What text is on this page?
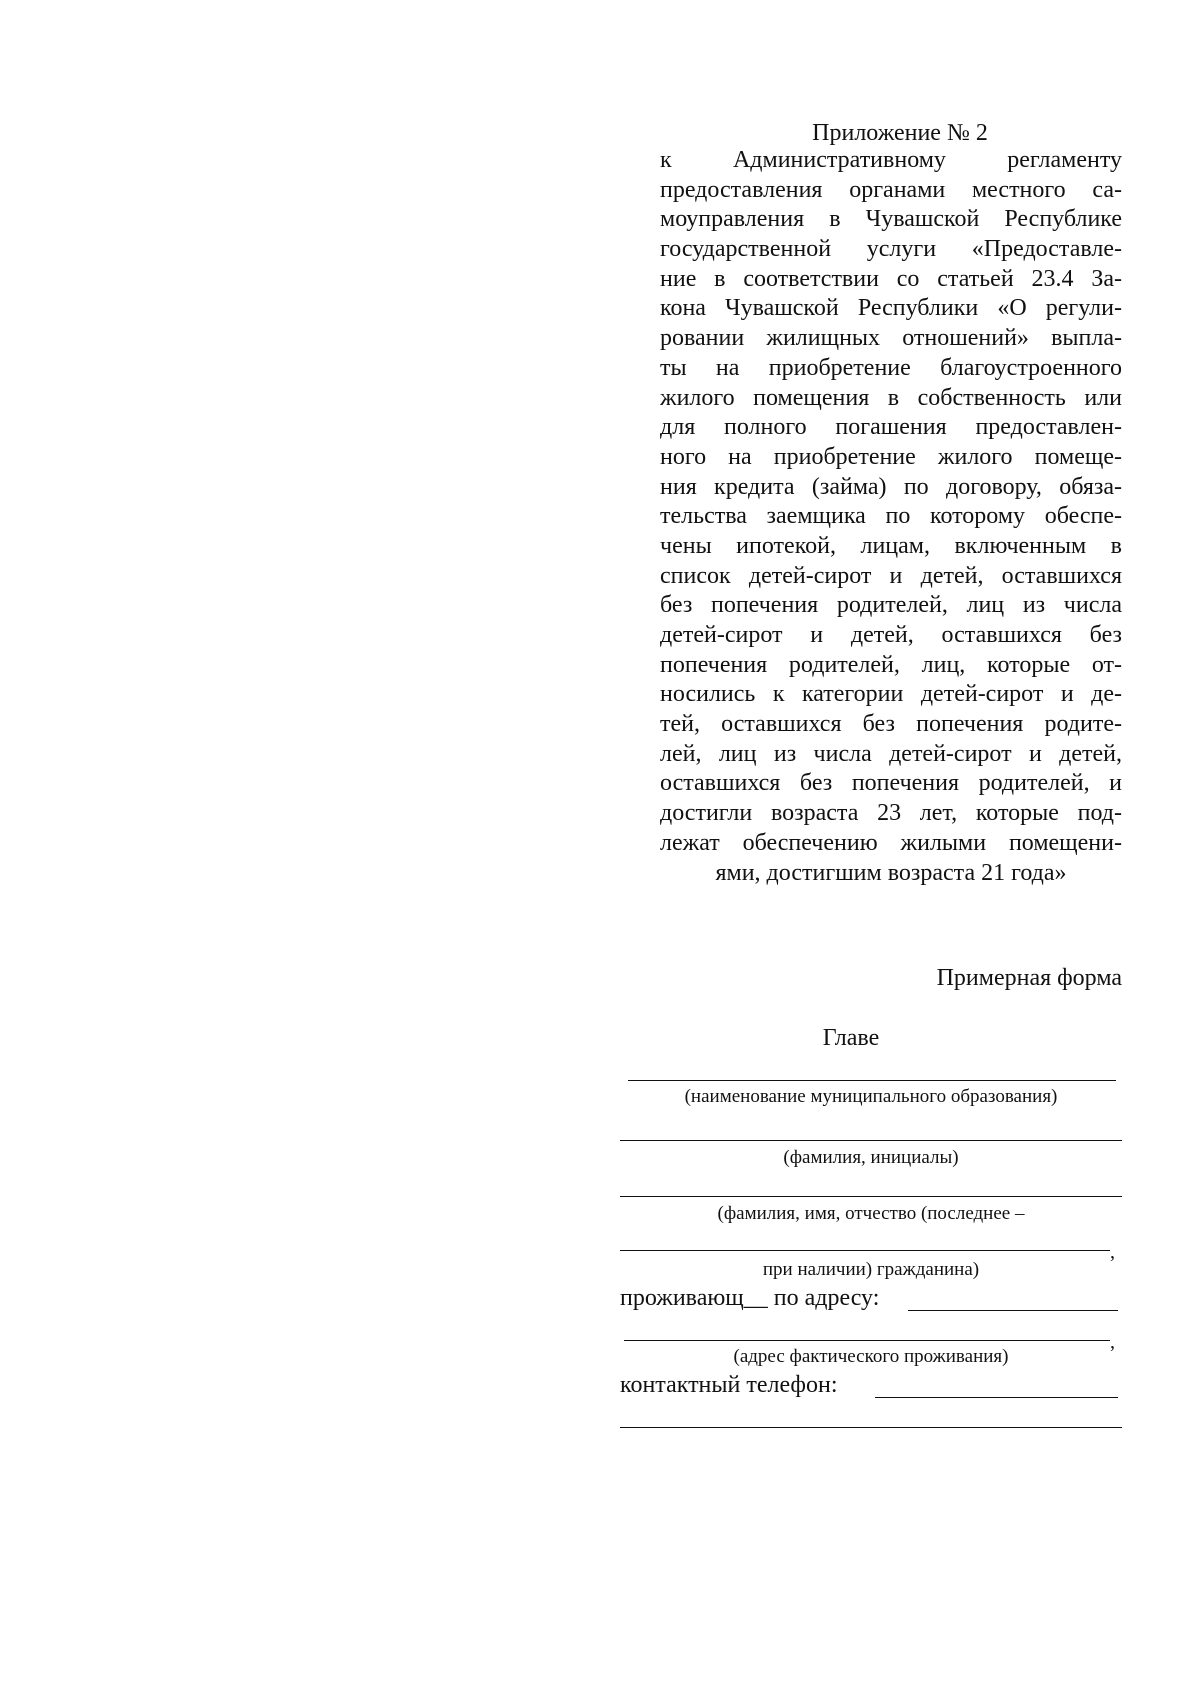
Приложение № 2
к Административному регламенту
предоставления органами местного са-
моуправления в Чувашской Республике
государственной услуги «Предоставле-
ние в соответствии со статьей 23.4 За-
кона Чувашской Республики «О регули-
ровании жилищных отношений» выпла-
ты на приобретение благоустроенного
жилого помещения в собственность или
для полного погашения предоставлен-
ного на приобретение жилого помеще-
ния кредита (займа) по договору, обяза-
тельства заемщика по которому обеспе-
чены ипотекой, лицам, включенным в
список детей-сирот и детей, оставшихся
без попечения родителей, лиц из числа
детей-сирот и детей, оставшихся без
попечения родителей, лиц, которые от-
носились к категории детей-сирот и де-
тей, оставшихся без попечения родите-
лей, лиц из числа детей-сирот и детей,
оставшихся без попечения родителей, и
достигли возраста 23 лет, которые под-
лежат обеспечению жилыми помещени-
ями, достигшим возраста 21 года»
Примерная форма
Главе
(наименование муниципального образования)
(фамилия, инициалы)
(фамилия, имя, отчество (последнее –
,
при наличии) гражданина)
проживающ__ по адресу:
,
(адрес фактического проживания)
контактный телефон:
